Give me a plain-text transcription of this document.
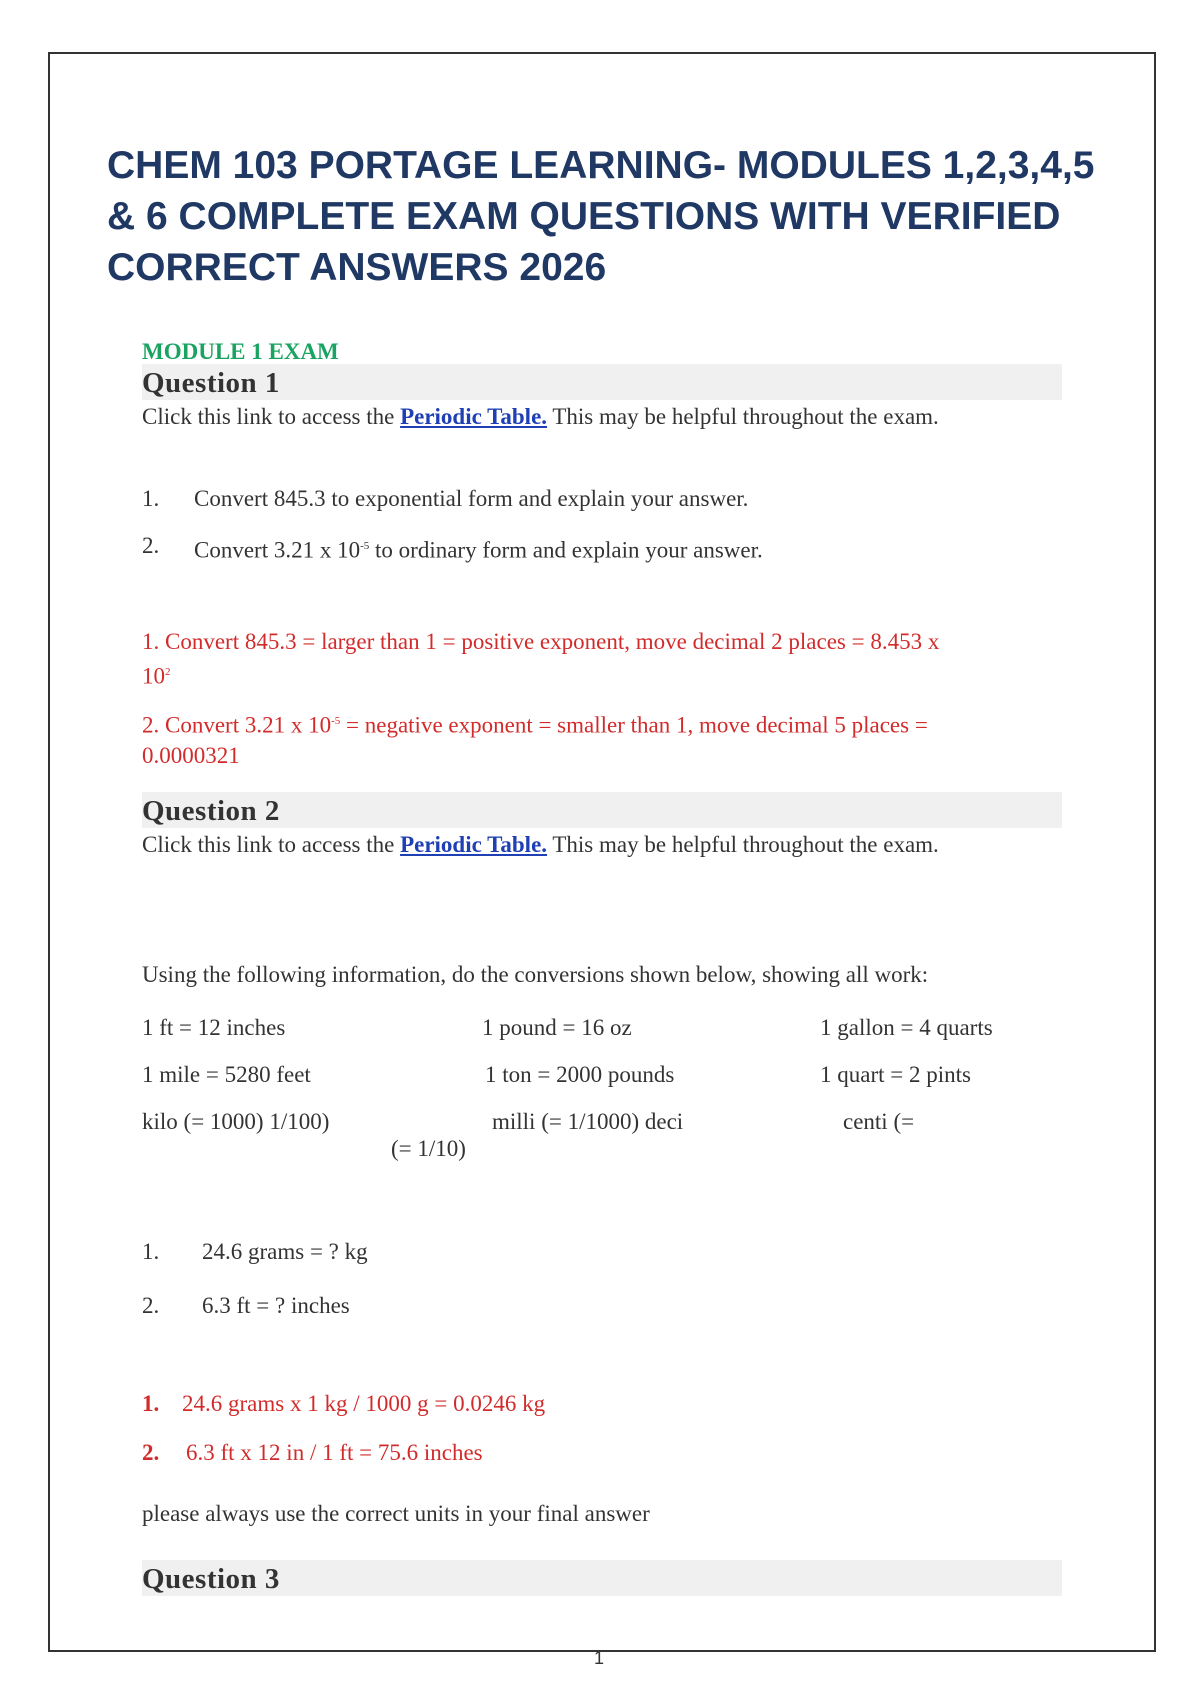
CHEM 103 PORTAGE LEARNING- MODULES 1,2,3,4,5 & 6 COMPLETE EXAM QUESTIONS WITH VERIFIED CORRECT ANSWERS 2026

MODULE 1 EXAM

Question 1

Click this link to access the Periodic Table. This may be helpful throughout the exam.

1. Convert 845.3 to exponential form and explain your answer.
2. Convert 3.21 x $10^{-5}$ to ordinary form and explain your answer.

1. Convert 845.3 = larger than 1 = positive exponent, move decimal 2 places = 8.453 x $10^2$

2. Convert 3.21 x $10^{-5}$ = negative exponent = smaller than 1, move decimal 5 places = 0.0000321

Question 2

Click this link to access the Periodic Table. This may be helpful throughout the exam.

Using the following information, do the conversions shown below, showing all work:

1 ft = 12 inches	1 pound = 16 oz	1 gallon = 4 quarts
1 mile = 5280 feet	1 ton = 2000 pounds	1 quart = 2 pints
kilo (= 1000) 1/100)	milli (= 1/1000) deci	centi (=
(= 1/10)
1. 24.6 grams = ? kg
2. 6.3 ft = ? inches
1. 24.6 grams x 1 kg / 1000 g = 0.0246 kg
2. 6.3 ft x 12 in / 1 ft = 75.6 inches

please always use the correct units in your final answer

Question 3
1
